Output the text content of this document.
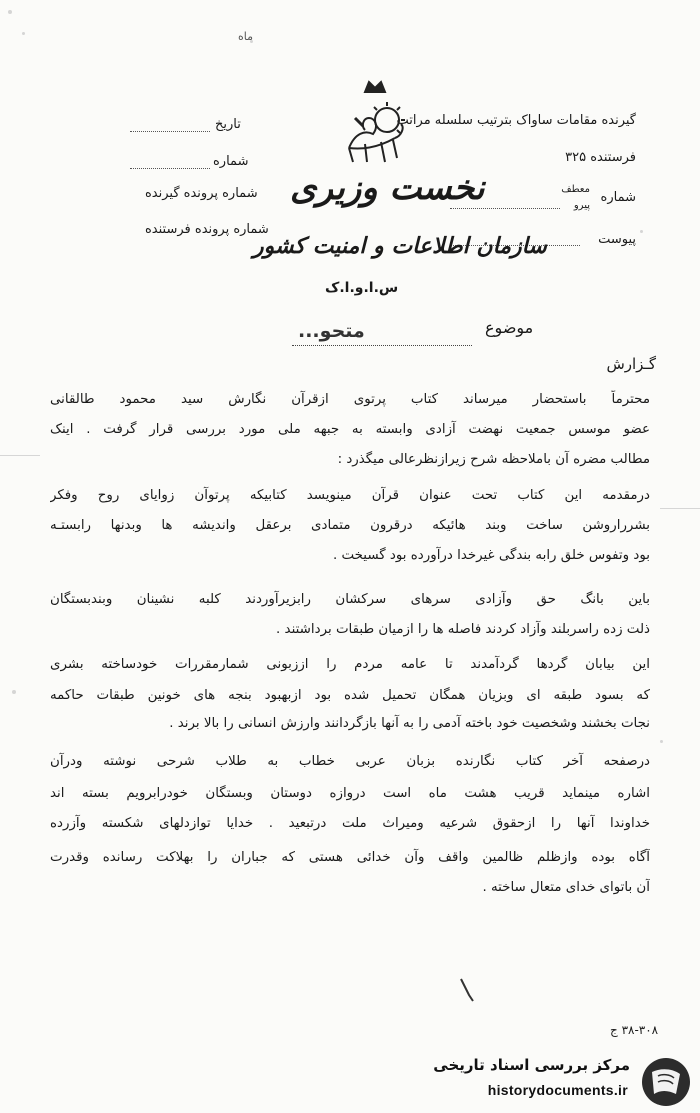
ماه
گیرنده مقامات ساواک بترتیب سلسله مراتب
فرستنده ۳۲۵
شماره
پیوست
معطف
پیرو
تاریخ
شماره
شماره پرونده گیرنده
شماره پرونده فرستنده
نخست وزیری
سازمان اطلاعات و امنیت کشور
س.ا.و.ا.ک
موضوع
متحو...
گـزارش
محترماً باستحضار میرساند کتاب پرتوی ازقرآن نگارش سید محمود طالقانی
عضو موسس جمعیت نهضت آزادی وابسته به جبهه ملی مورد بررسی قرار گرفت . اینک
مطالب مضره آن باملاحظه شرح زیرازنظرعالی میگذرد :
درمقدمه این کتاب تحت عنوان قرآن مینویسد کتابیکه پرتوآن زوایای روح وفکر
بشرراروشن ساخت وبند هائیکه درقرون متمادی برعقل واندیشه ها وبدنها رابستـه
بود وتفوس خلق رابه بندگی غیرخدا درآورده بود گسیخت .
باین بانگ حق وآزادی سرهای سرکشان رابزیرآوردند کلبه نشینان وبندبستگان
ذلت زده راسربلند وآزاد کردند فاصله ها را ازمیان طبقات برداشتند .
این بیابان گردها گردآمدند تا عامه مردم را اززبونی شمارمقررات خودساخته بشری
که بسود طبقه ای وبزیان همگان تحمیل شده بود ازبهبود بنجه های خونین طبقات حاکمه
نجات بخشند وشخصیت خود باخته آدمی را به آنها بازگردانند وارزش انسانی را بالا برند .
درصفحه آخر کتاب نگارنده بزبان عربی خطاب به طلاب شرحی نوشته ودرآن
اشاره مینماید قریب هشت ماه است دروازه دوستان وبستگان خودرابرویم بسته اند
خداوندا آنها را ازحقوق شرعیه ومیراث ملت درتبعید . خدایا توازدلهای شکسته وآزرده
آگاه بوده وازظلم ظالمین واقف وآن خدائی هستی که جباران را بهلاکت رسانده وقدرت
آن باتوای خدای متعال ساخته .
۳۸-۳۰۸ ج
مرکز بررسی اسناد تاریخی
historydocuments.ir
